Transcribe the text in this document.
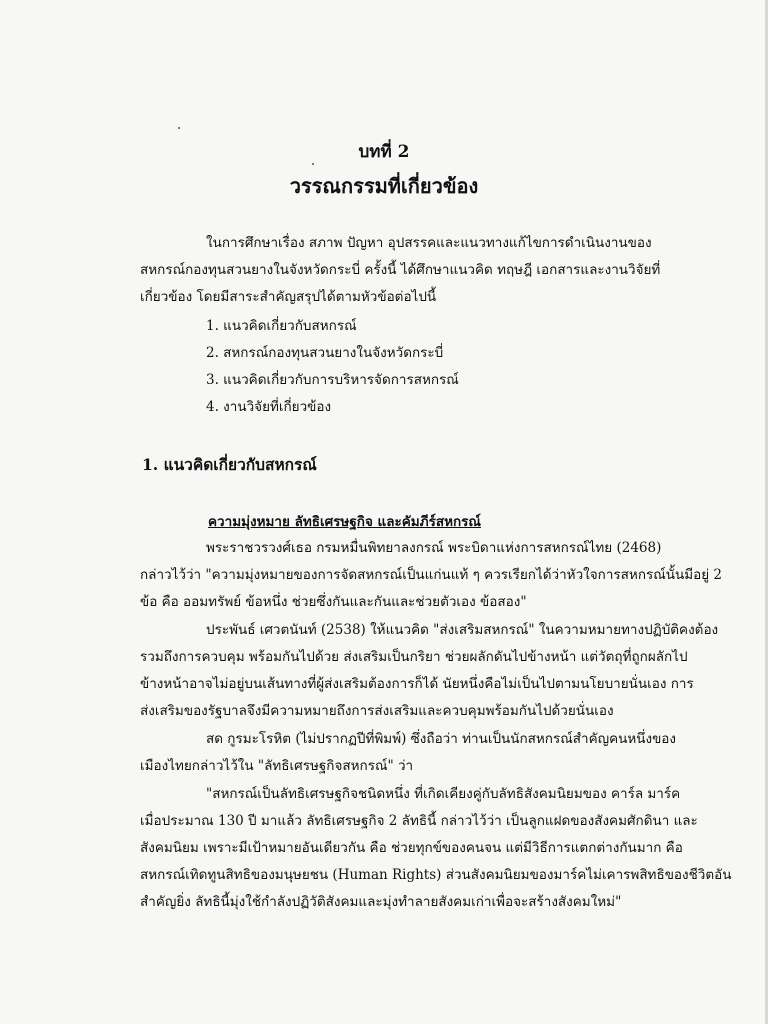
บทที่ 2
วรรณกรรมที่เกี่ยวข้อง
ในการศึกษาเรื่อง สภาพ ปัญหา อุปสรรคและแนวทางแก้ไขการดำเนินงานของ
สหกรณ์กองทุนสวนยางในจังหวัดกระบี่ ครั้งนี้ ได้ศึกษาแนวคิด ทฤษฎี เอกสารและงานวิจัยที่
เกี่ยวข้อง โดยมีสาระสำคัญสรุปได้ตามหัวข้อต่อไปนี้
1. แนวคิดเกี่ยวกับสหกรณ์
2. สหกรณ์กองทุนสวนยางในจังหวัดกระบี่
3. แนวคิดเกี่ยวกับการบริหารจัดการสหกรณ์
4. งานวิจัยที่เกี่ยวข้อง
1. แนวคิดเกี่ยวกับสหกรณ์
ความมุ่งหมาย ลัทธิเศรษฐกิจ และคัมภีร์สหกรณ์
พระราชวรวงศ์เธอ กรมหมื่นพิทยาลงกรณ์ พระบิดาแห่งการสหกรณ์ไทย (2468)
กล่าวไว้ว่า "ความมุ่งหมายของการจัดสหกรณ์เป็นแก่นแท้ ๆ ควรเรียกได้ว่าหัวใจการสหกรณ์นั้นมีอยู่ 2
ข้อ คือ ออมทรัพย์ ข้อหนึ่ง ช่วยซึ่งกันและกันและช่วยตัวเอง ข้อสอง"
ประพันธ์ เศวตนันท์ (2538) ให้แนวคิด "ส่งเสริมสหกรณ์" ในความหมายทางปฏิบัติคงต้อง
รวมถึงการควบคุม พร้อมกันไปด้วย ส่งเสริมเป็นกริยา ช่วยผลักดันไปข้างหน้า แต่วัตถุที่ถูกผลักไป
ข้างหน้าอาจไม่อยู่บนเส้นทางที่ผู้ส่งเสริมต้องการก็ได้ นัยหนึ่งคือไม่เป็นไปตามนโยบายนั่นเอง การ
ส่งเสริมของรัฐบาลจึงมีความหมายถึงการส่งเสริมและควบคุมพร้อมกันไปด้วยนั่นเอง
สด กูรมะโรหิต (ไม่ปรากฏปีที่พิมพ์) ซึ่งถือว่า ท่านเป็นนักสหกรณ์สำคัญคนหนึ่งของ
เมืองไทยกล่าวไว้ใน "ลัทธิเศรษฐกิจสหกรณ์" ว่า
"สหกรณ์เป็นลัทธิเศรษฐกิจชนิดหนึ่ง ที่เกิดเคียงคู่กับลัทธิสังคมนิยมของ คาร์ล มาร์ค
เมื่อประมาณ 130 ปี มาแล้ว ลัทธิเศรษฐกิจ 2 ลัทธินี้ กล่าวไว้ว่า เป็นลูกแฝดของสังคมศักดินา และ
สังคมนิยม เพราะมีเป้าหมายอันเดียวกัน คือ ช่วยทุกข์ของคนจน แต่มีวิธีการแตกต่างกันมาก คือ
สหกรณ์เทิดทูนสิทธิของมนุษยชน (Human Rights) ส่วนสังคมนิยมของมาร์คไม่เคารพสิทธิของชีวิตอัน
สำคัญยิ่ง ลัทธินี้มุ่งใช้กำลังปฏิวัติสังคมและมุ่งทำลายสังคมเก่าเพื่อจะสร้างสังคมใหม่"
